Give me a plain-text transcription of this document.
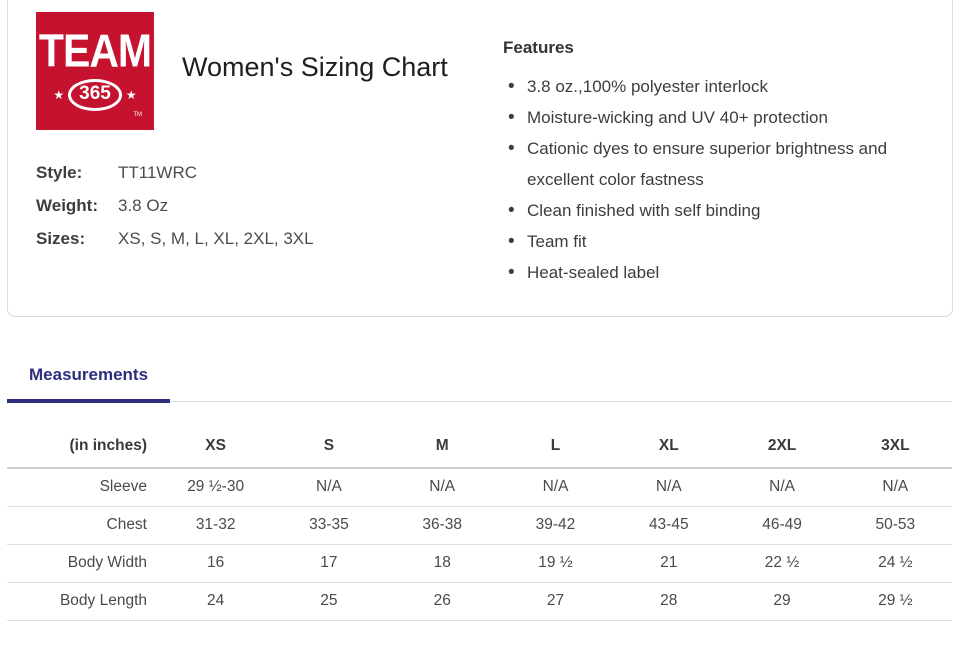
TEAM
★ 365	★
TM
Women's Sizing Chart
Style:	TT11WRC
Weight:	3.8 Oz
Sizes:	XS, S, M, L, XL, 2XL, 3XL
Features
• 3.8 oz.,100% polyester interlock
• Moisture-wicking and UV 40+ protection
• Cationic dyes to ensure superior brightness and excellent color fastness
• Clean finished with self binding
• Team fit
• Heat-sealed label
Measurements
(in inches)	XS	S	M	L	XL	2XL	3XL
Sleeve	29 ½-30	N/A	N/A	N/A	N/A	N/A	N/A
Chest	31-32	33-35	36-38	39-42	43-45	46-49	50-53
Body Width	16	17	18	19 ½	21	22 ½	24 ½
Body Length	24	25	26	27	28	29	29 ½
